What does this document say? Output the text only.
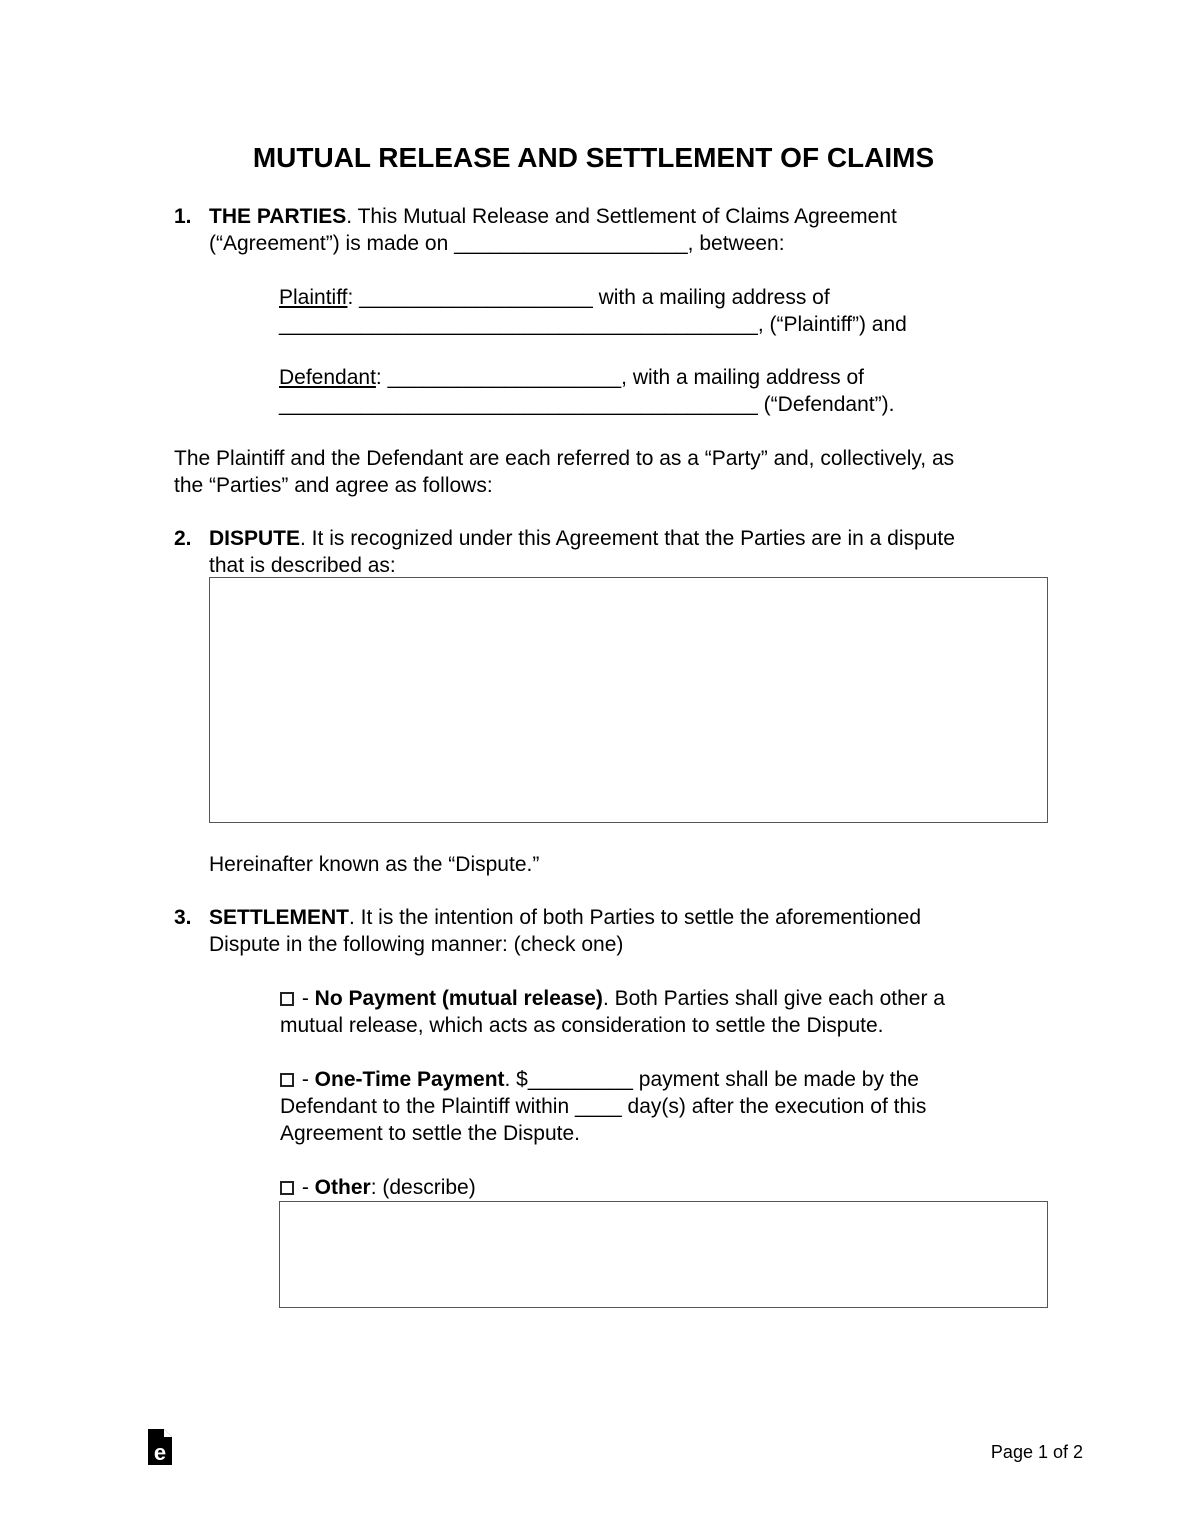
MUTUAL RELEASE AND SETTLEMENT OF CLAIMS
1. THE PARTIES. This Mutual Release and Settlement of Claims Agreement
(“Agreement”) is made on ____________________, between:
Plaintiff: ____________________ with a mailing address of
_________________________________________, (“Plaintiff”) and
Defendant: ____________________, with a mailing address of
_________________________________________ (“Defendant”).
The Plaintiff and the Defendant are each referred to as a “Party” and, collectively, as
the “Parties” and agree as follows:
2. DISPUTE. It is recognized under this Agreement that the Parties are in a dispute
that is described as:
Hereinafter known as the “Dispute.”
3. SETTLEMENT. It is the intention of both Parties to settle the aforementioned
Dispute in the following manner: (check one)
- No Payment (mutual release). Both Parties shall give each other a
mutual release, which acts as consideration to settle the Dispute.
- One-Time Payment. $_________ payment shall be made by the
Defendant to the Plaintiff within ____ day(s) after the execution of this
Agreement to settle the Dispute.
- Other: (describe)
e	Page 1 of 2
